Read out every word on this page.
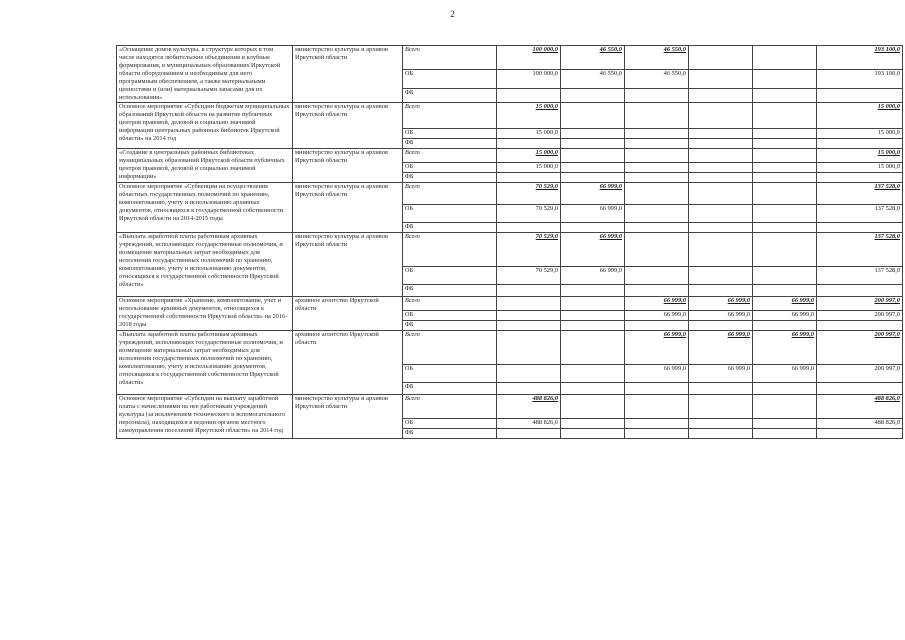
2
«Оснащение домов культуры, в структуре которых в том числе находятся любительские объединения и клубные формирования, в муниципальных образованиях Иркутской области оборудованием и необходимым для него программным обеспечением, а также материальными ценностями и (или) материальными запасами для их использования»	министерство культуры и архивов Иркутской области	Всего	100 000,0	46 550,0	46 550,0			193 100,0
		ОБ	100 000,0	46 550,0	46 550,0			193 100,0
		ФБ						
Основное мероприятие «Субсидии бюджетам муниципальных образований Иркутской области на развитие публичных центров правовой, деловой и социально значимой информации центральных районных библиотек Иркутской области» на 2014 год	министерство культуры и архивов Иркутской области	Всего	15 000,0					15 000,0
		ОБ	15 000,0					15 000,0
		ФБ						
«Создание в центральных районных библиотеках муниципальных образований Иркутской области публичных центров правовой, деловой и социально значимой информации»	министерство культуры и архивов Иркутской области	Всего	15 000,0					15 000,0
		ОБ	15 000,0					15 000,0
		ФБ						
Основное мероприятие «Субвенции на осуществление областных государственных полномочий по хранению, комплектованию, учету и использованию архивных документов, относящихся к государственной собственности Иркутской области на 2014-2015 годы	министерство культуры и архивов Иркутской области	Всего	70 529,0	66 999,0				137 528,0
		ОБ	70 529,0	66 999,0				137 528,0
		ФБ						
«Выплата заработной платы работникам архивных учреждений, исполняющих государственные полномочия, и возмещение материальных затрат необходимых для исполнения государственных полномочий по хранению, комплектованию, учету и использованию документов, относящихся к государственной собственности Иркутской области»	министерство культуры и архивов Иркутской области	Всего	70 529,0	66 999,0				137 528,0
		ОБ	70 529,0	66 999,0				137 528,0
		ФБ						
Основное мероприятие «Хранение, комплектование, учет и использование архивных документов, относящихся к государственной собственности Иркутской области» на 2016-2018 годы	архивное агентство Иркутской области	Всего			66 999,0	66 999,0	66 999,0	200 997,0
		ОБ			66 999,0	66 999,0	66 999,0	200 997,0
		ФБ						
«Выплата заработной платы работникам архивных учреждений, исполняющих государственные полномочия, и возмещение материальных затрат необходимых для исполнения государственных полномочий по хранению, комплектованию, учету и использованию документов, относящихся к государственной собственности Иркутской области»	архивное агентство Иркутской области	Всего			66 999,0	66 999,0	66 999,0	200 997,0
		ОБ			66 999,0	66 999,0	66 999,0	200 997,0
		ФБ						
Основное мероприятие «Субсидии на выплату заработной платы с начислениями на нее работникам учреждений культуры (за исключением технического и вспомогательного персонала), находящихся в ведении органов местного самоуправления поселений Иркутской области» на 2014 год	министерство культуры и архивов Иркутской области	Всего	488 826,0					488 826,0
		ОБ	488 826,0					488 826,0
		ФБ						
